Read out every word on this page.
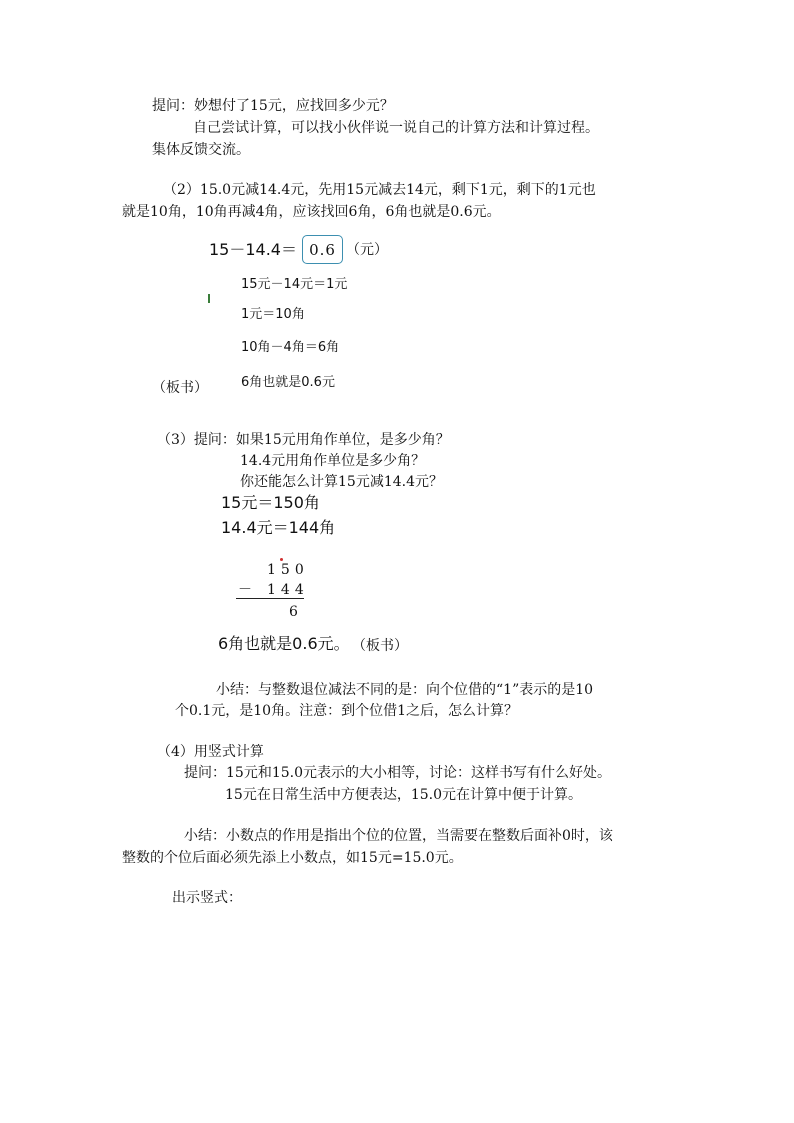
提问：妙想付了15元，应找回多少元？
自己尝试计算，可以找小伙伴说一说自己的计算方法和计算过程。
集体反馈交流。
（2）15.0元减14.4元，先用15元减去14元，剩下1元，剩下的1元也
就是10角，10角再减4角，应该找回6角，6角也就是0.6元。
15－14.4＝ 0.6 （元）
15元－14元＝1元
1元＝10角
10角－4角＝6角
6角也就是0.6元
（板书）
（3）提问：如果15元用角作单位，是多少角？
14.4元用角作单位是多少角？
你还能怎么计算15元减14.4元？
15元＝150角
14.4元＝144角
150
－ 144
6
6角也就是0.6元。 （板书）
小结：与整数退位减法不同的是：向个位借的“1”表示的是10
个0.1元，是10角。注意：到个位借1之后，怎么计算？
（4）用竖式计算
提问：15元和15.0元表示的大小相等，讨论：这样书写有什么好处。
15元在日常生活中方便表达，15.0元在计算中便于计算。
小结：小数点的作用是指出个位的位置，当需要在整数后面补0时，该
整数的个位后面必须先添上小数点，如15元=15.0元。
出示竖式：
